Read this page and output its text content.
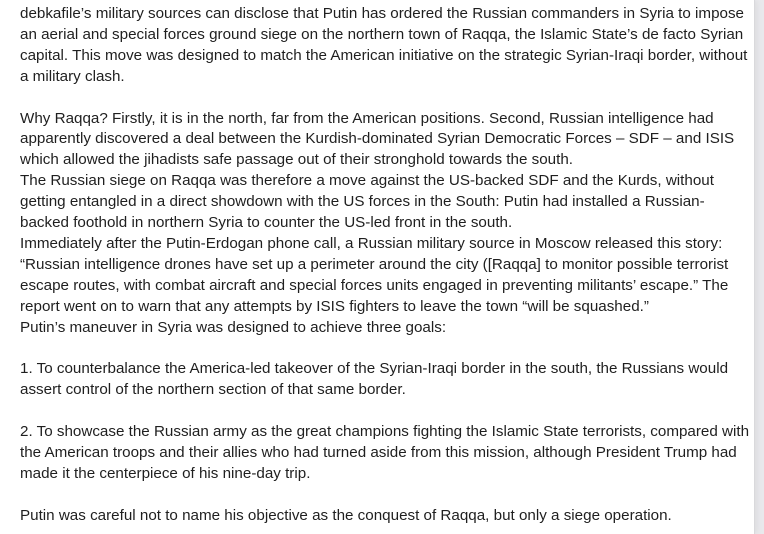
debkafile’s military sources can disclose that Putin has ordered the Russian commanders in Syria to impose an aerial and special forces ground siege on the northern town of Raqqa, the Islamic State’s de facto Syrian capital. This move was designed to match the American initiative on the strategic Syrian-Iraqi border, without a military clash.

Why Raqqa? Firstly, it is in the north, far from the American positions. Second, Russian intelligence had apparently discovered a deal between the Kurdish-dominated Syrian Democratic Forces – SDF – and ISIS which allowed the jihadists safe passage out of their stronghold towards the south.

The Russian siege on Raqqa was therefore a move against the US-backed SDF and the Kurds, without getting entangled in a direct showdown with the US forces in the South: Putin had installed a Russian-backed foothold in northern Syria to counter the US-led front in the south.

Immediately after the Putin-Erdogan phone call, a Russian military source in Moscow released this story: “Russian intelligence drones have set up a perimeter around the city ([Raqqa] to monitor possible terrorist escape routes, with combat aircraft and special forces units engaged in preventing militants’ escape.” The report went on to warn that any attempts by ISIS fighters to leave the town “will be squashed.”

Putin’s maneuver in Syria was designed to achieve three goals:

1. To counterbalance the America-led takeover of the Syrian-Iraqi border in the south, the Russians would assert control of the northern section of that same border.

2. To showcase the Russian army as the great champions fighting the Islamic State terrorists, compared with the American troops and their allies who had turned aside from this mission, although President Trump had made it the centerpiece of his nine-day trip.

Putin was careful not to name his objective as the conquest of Raqqa, but only a siege operation.
